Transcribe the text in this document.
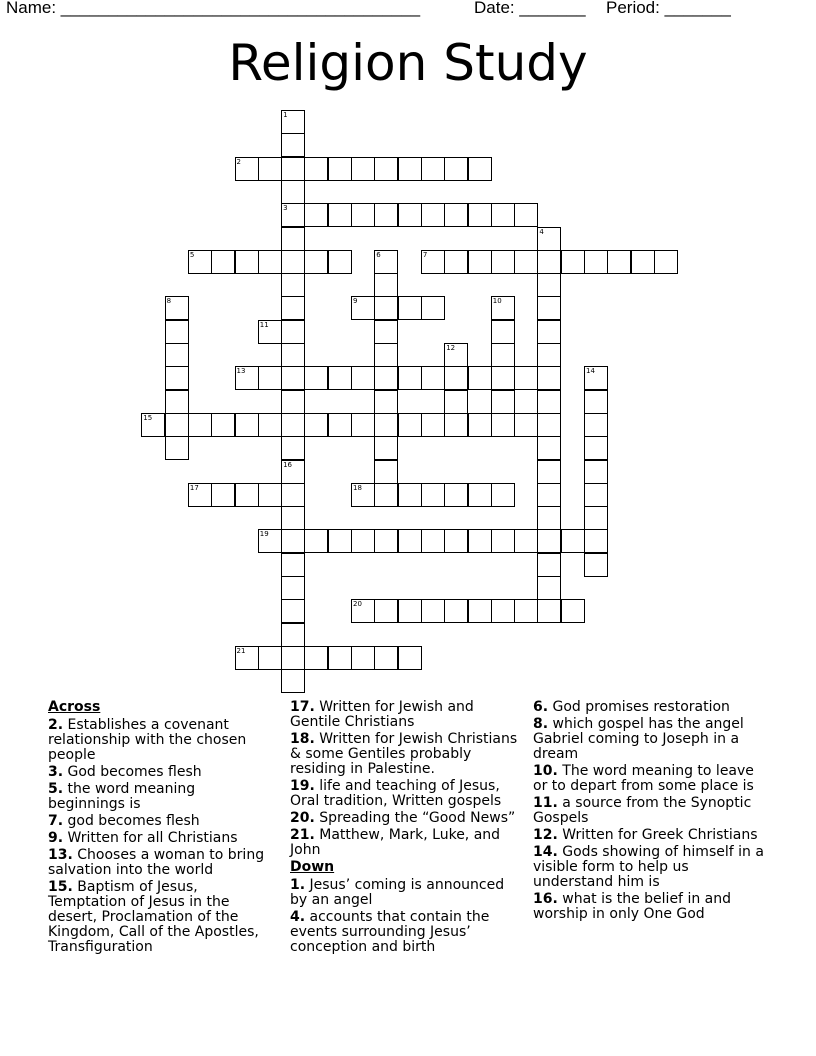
Name: ______________________________________	Date: _______ Period: _______
Religion Study
1
3
16
2
4
5	6	7
8	9	10
11
12
13	14
15
17	18
19
20
21
Across
2. Establishes a covenant relationship with the chosen people
3. God becomes flesh
5. the word meaning beginnings is
7. god becomes flesh
9. Written for all Christians
13. Chooses a woman to bring salvation into the world
15. Baptism of Jesus, Temptation of Jesus in the desert, Proclamation of the Kingdom, Call of the Apostles, Transfiguration
17. Written for Jewish and Gentile Christians
18. Written for Jewish Christians & some Gentiles probably residing in Palestine.
19. life and teaching of Jesus, Oral tradition, Written gospels
20. Spreading the “Good News”
21. Matthew, Mark, Luke, and John
Down
1. Jesus’ coming is announced by an angel
4. accounts that contain the events surrounding Jesus’ conception and birth
6. God promises restoration
8. which gospel has the angel Gabriel coming to Joseph in a dream
10. The word meaning to leave or to depart from some place is
11. a source from the Synoptic Gospels
12. Written for Greek Christians
14. Gods showing of himself in a visible form to help us understand him is
16. what is the belief in and worship in only One God
